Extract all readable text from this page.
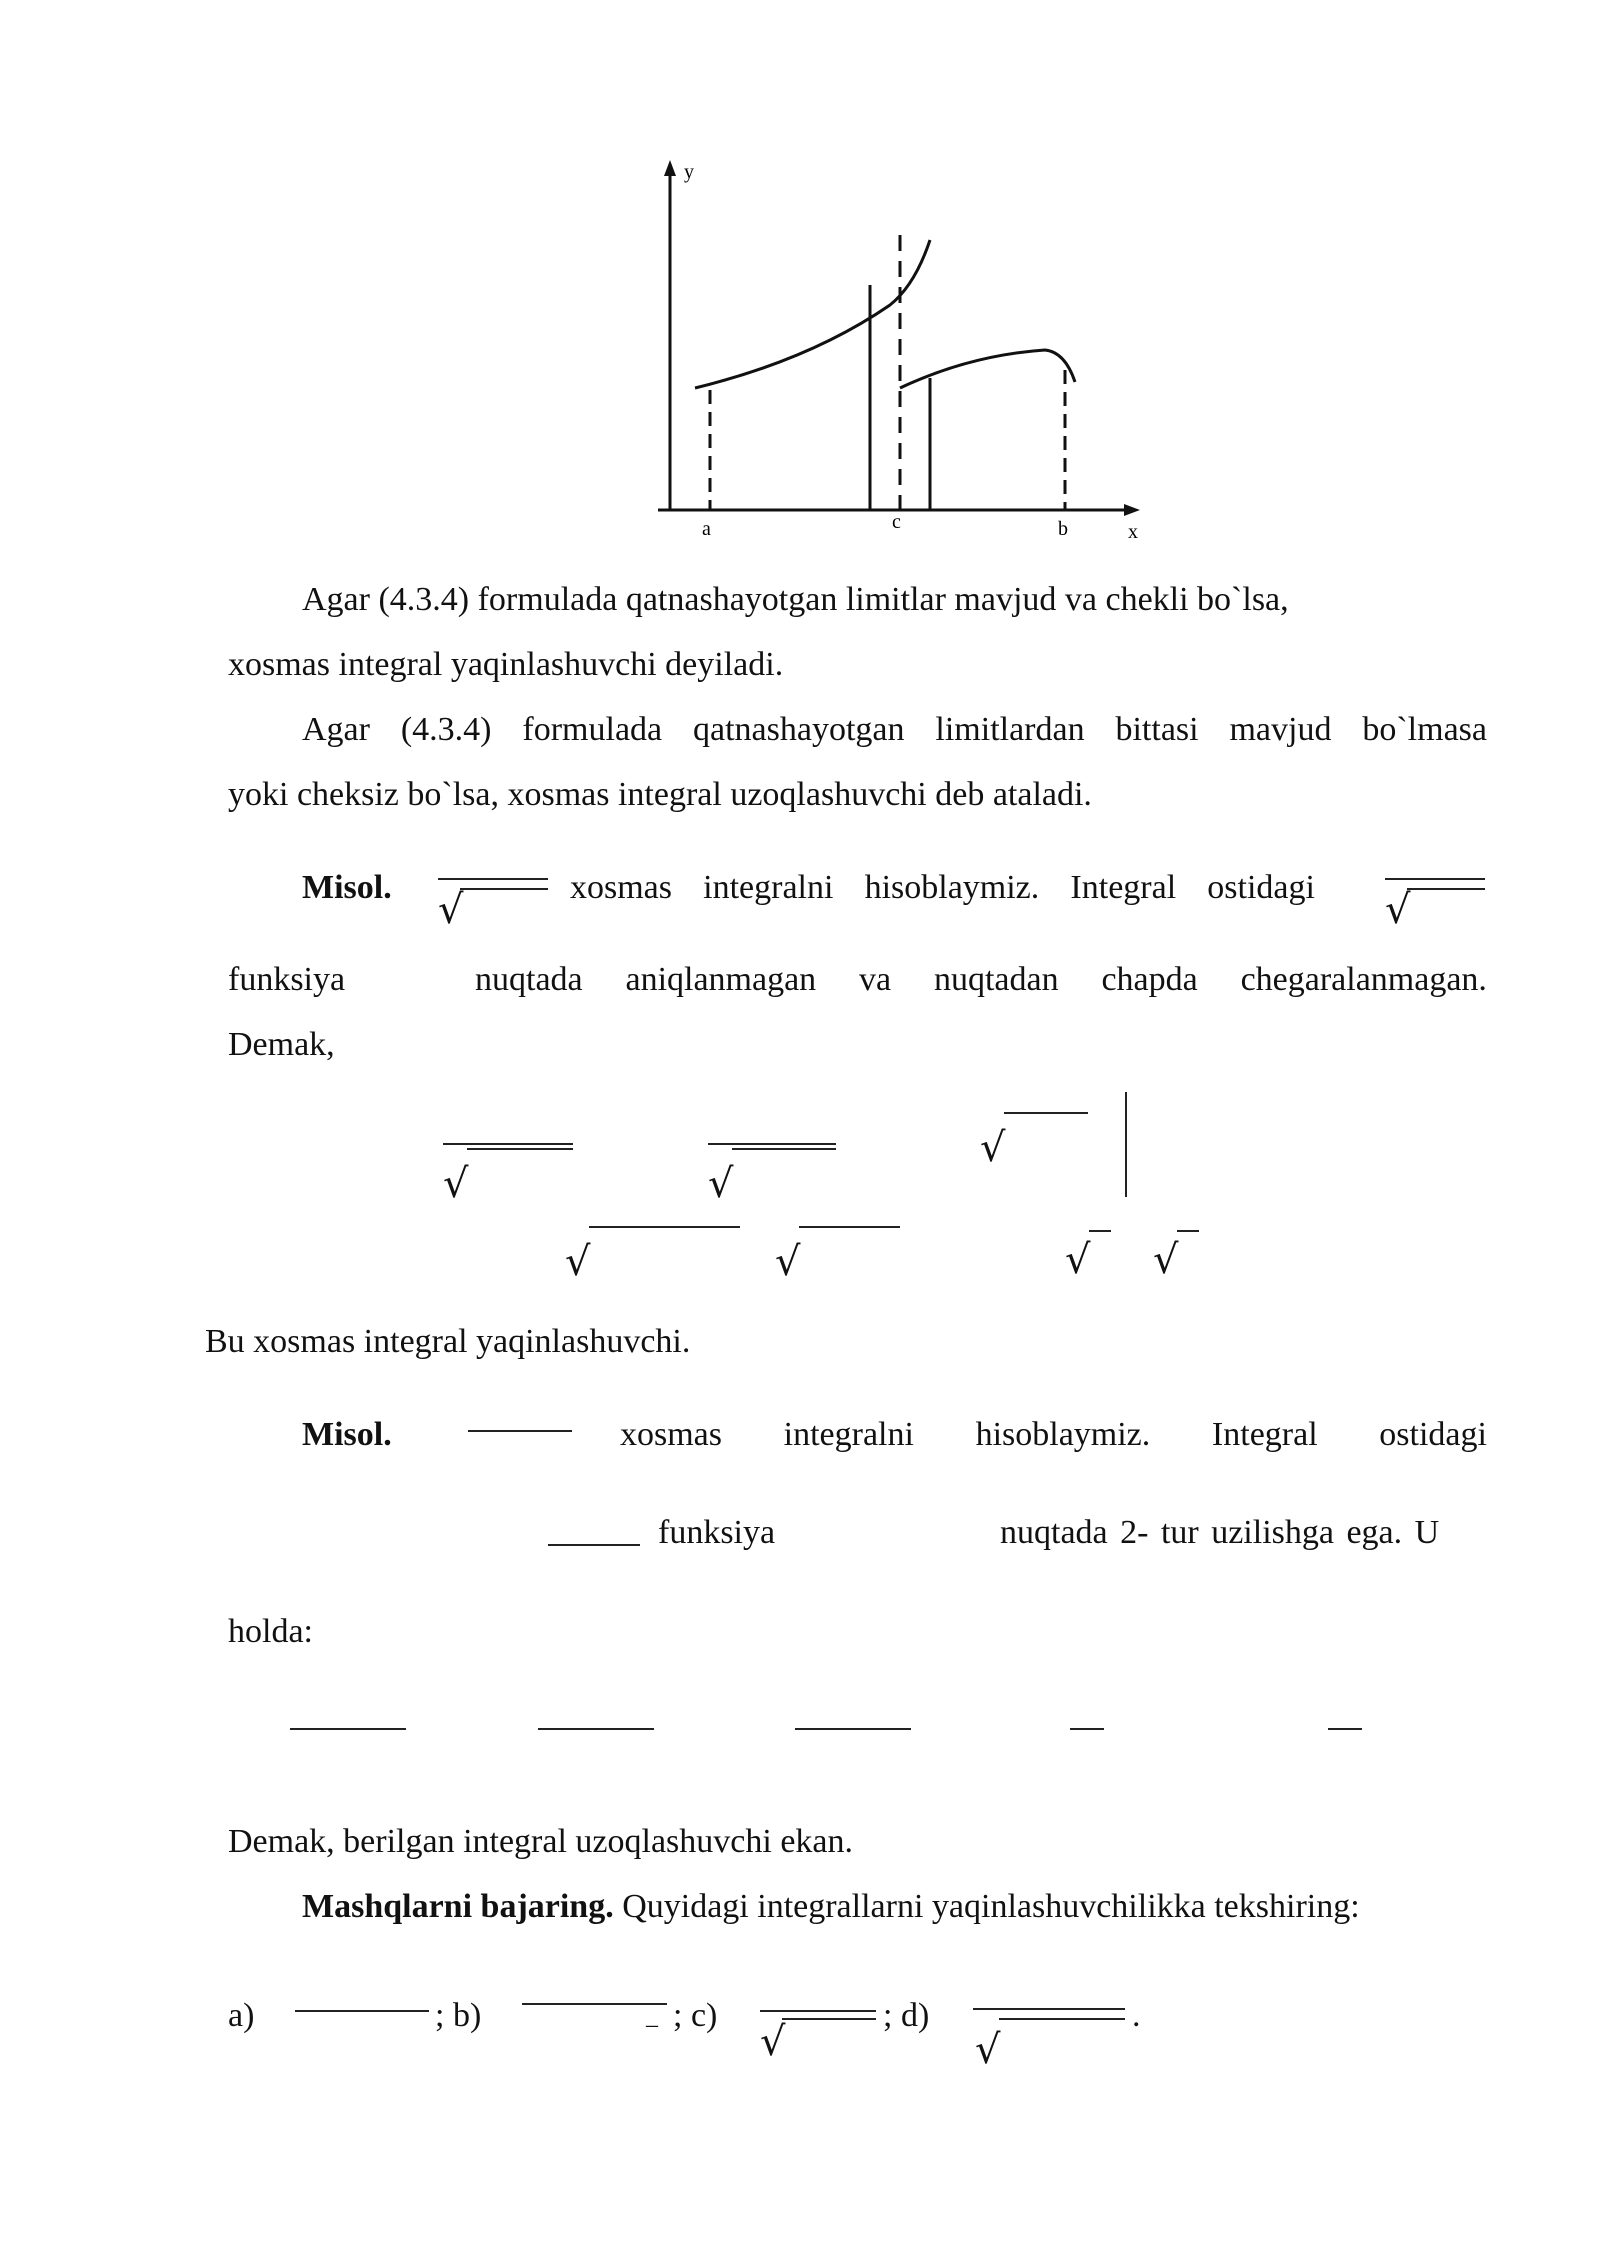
y
x
a	c	b
Agar (4.3.4) formulada qatnashayotgan limitlar mavjud va chekli bo`lsa,
xosmas integral yaqinlashuvchi deyiladi.
Agar (4.3.4) formulada qatnashayotgan limitlardan bittasi mavjud bo`lmasa
yoki cheksiz bo`lsa, xosmas integral uzoqlashuvchi deb ataladi.
Misol. √	xosmas integralni hisoblaymiz. Integral ostidagi √
funksiya	nuqtada aniqlanmagan va nuqtadan chapda chegaralanmagan.
Demak,
√	√
√
√	√	√ √
Bu xosmas integral yaqinlashuvchi.
Misol.	xosmas integralni hisoblaymiz. Integral ostidagi
funksiya	nuqtada 2- tur uzilishga ega. U
holda:
Demak, berilgan integral uzoqlashuvchi ekan.
Mashqlarni bajaring. Quyidagi integrallarni yaqinlashuvchilikka tekshiring:
a)	; b)	_ ; c)
√
; d)
√
.
